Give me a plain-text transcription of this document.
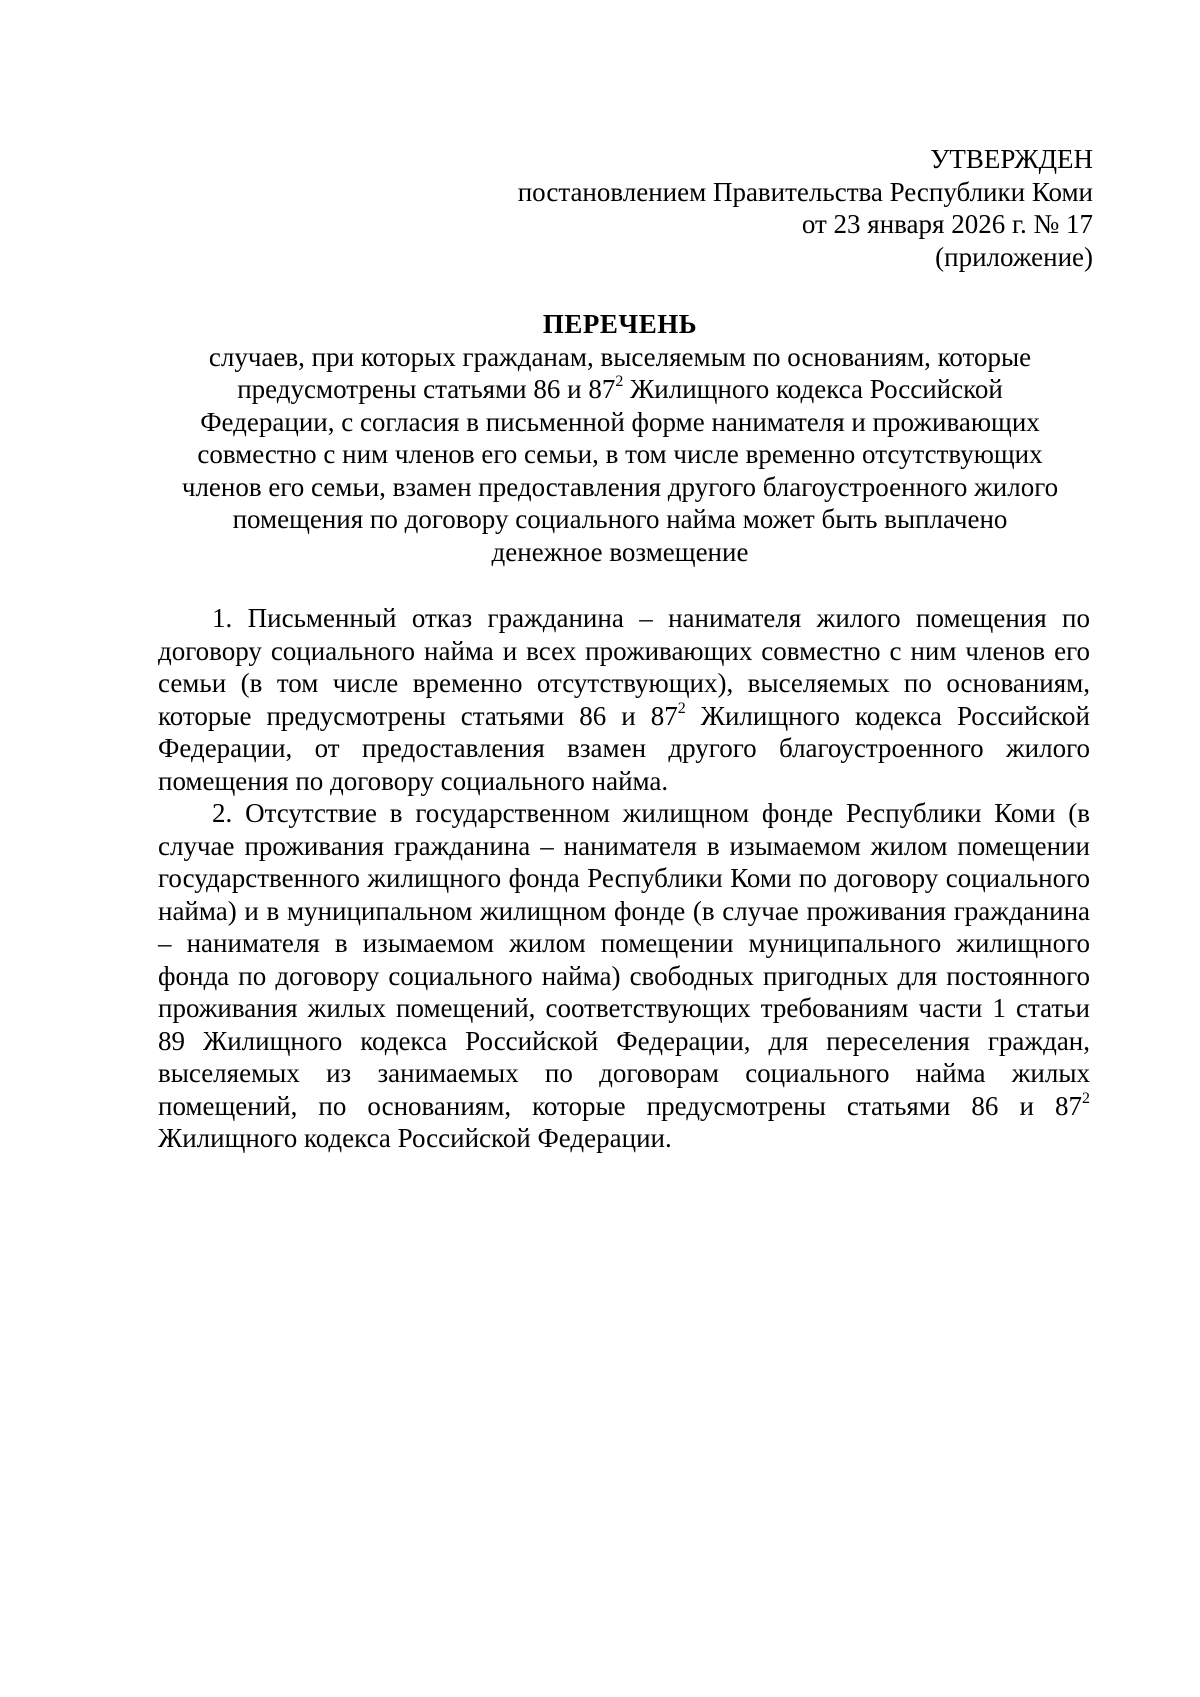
УТВЕРЖДЕН
постановлением Правительства Республики Коми
от 23 января 2026 г. № 17
(приложение)
ПЕРЕЧЕНЬ
случаев, при которых гражданам, выселяемым по основаниям, которые
предусмотрены статьями 86 и $87^2$ Жилищного кодекса Российской
Федерации, с согласия в письменной форме нанимателя и проживающих
совместно с ним членов его семьи, в том числе временно отсутствующих
членов его семьи, взамен предоставления другого благоустроенного жилого
помещения по договору социального найма может быть выплачено
денежное возмещение

1. Письменный отказ гражданина – нанимателя жилого помещения по договору социального найма и всех проживающих совместно с ним членов его семьи (в том числе временно отсутствующих), выселяемых по основаниям, которые предусмотрены статьями 86 и $87^2$ Жилищного кодекса Российской Федерации, от предоставления взамен другого благоустроенного жилого помещения по договору социального найма.

2. Отсутствие в государственном жилищном фонде Республики Коми (в случае проживания гражданина – нанимателя в изымаемом жилом помещении государственного жилищного фонда Республики Коми по договору социального найма) и в муниципальном жилищном фонде (в случае проживания гражданина – нанимателя в изымаемом жилом помещении муниципального жилищного фонда по договору социального найма) свободных пригодных для постоянного проживания жилых помещений, соответствующих требованиям части 1 статьи 89 Жилищного кодекса Российской Федерации, для переселения граждан, выселяемых из занимаемых по договорам социального найма жилых помещений, по основаниям, которые предусмотрены статьями 86 и $87^2$ Жилищного кодекса Российской Федерации.
